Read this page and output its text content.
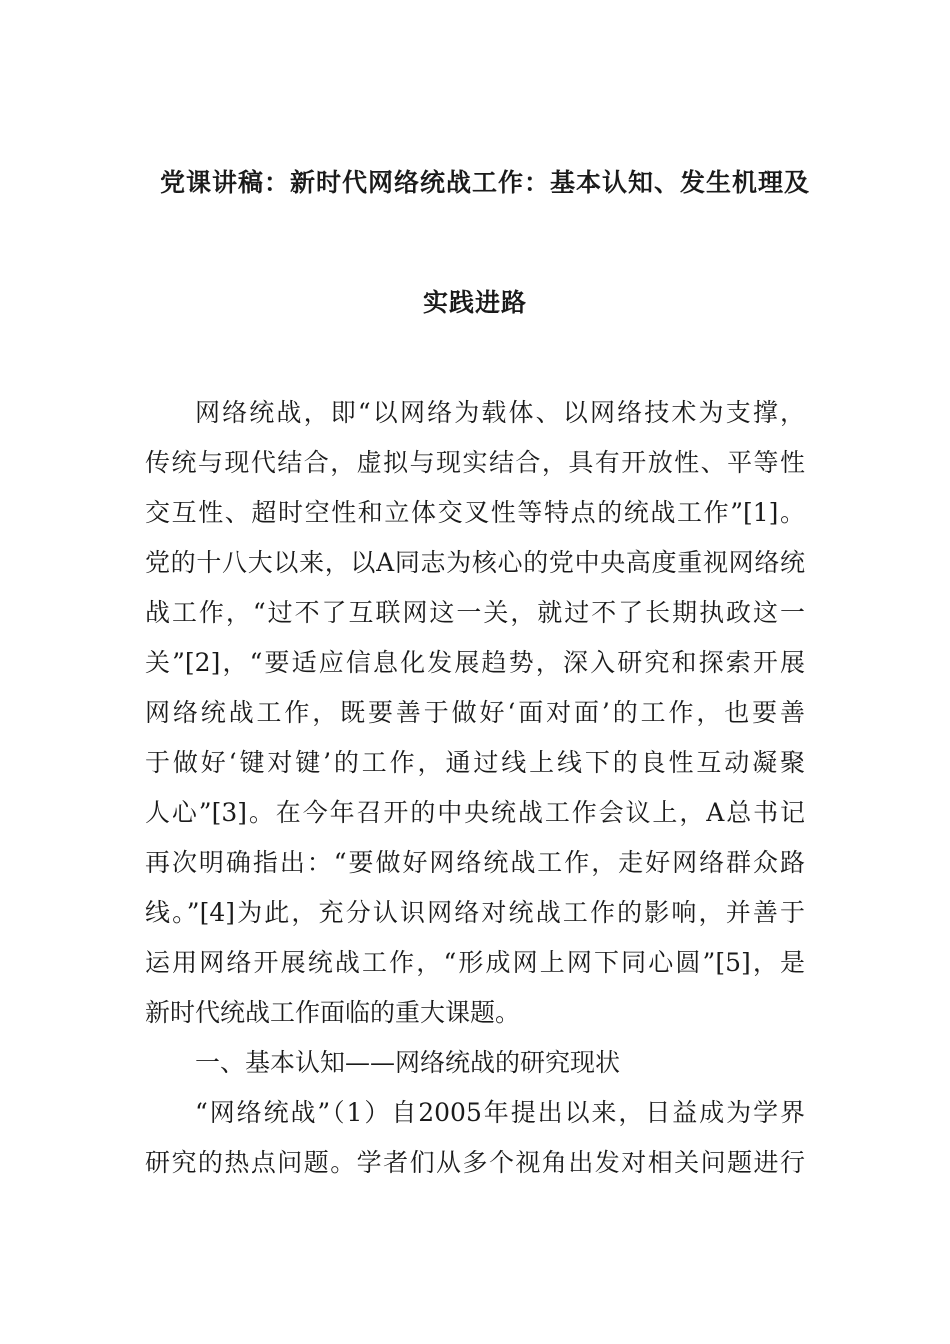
党课讲稿：新时代网络统战工作：基本认知、发生机理及
实践进路
网络统战，即“以网络为载体、以网络技术为支撑，
传统与现代结合，虚拟与现实结合，具有开放性、平等性
交互性、超时空性和立体交叉性等特点的统战工作”[1]。
党的十八大以来，以A同志为核心的党中央高度重视网络统
战工作，“过不了互联网这一关，就过不了长期执政这一
关”[2]，“要适应信息化发展趋势，深入研究和探索开展
网络统战工作，既要善于做好‘面对面’的工作，也要善
于做好‘键对键’的工作，通过线上线下的良性互动凝聚
人心”[3]。在今年召开的中央统战工作会议上，A总书记
再次明确指出：“要做好网络统战工作，走好网络群众路
线。”[4]为此，充分认识网络对统战工作的影响，并善于
运用网络开展统战工作，“形成网上网下同心圆”[5]，是
新时代统战工作面临的重大课题。
一、基本认知——网络统战的研究现状
“网络统战”（1）自2005年提出以来，日益成为学界
研究的热点问题。学者们从多个视角出发对相关问题进行
